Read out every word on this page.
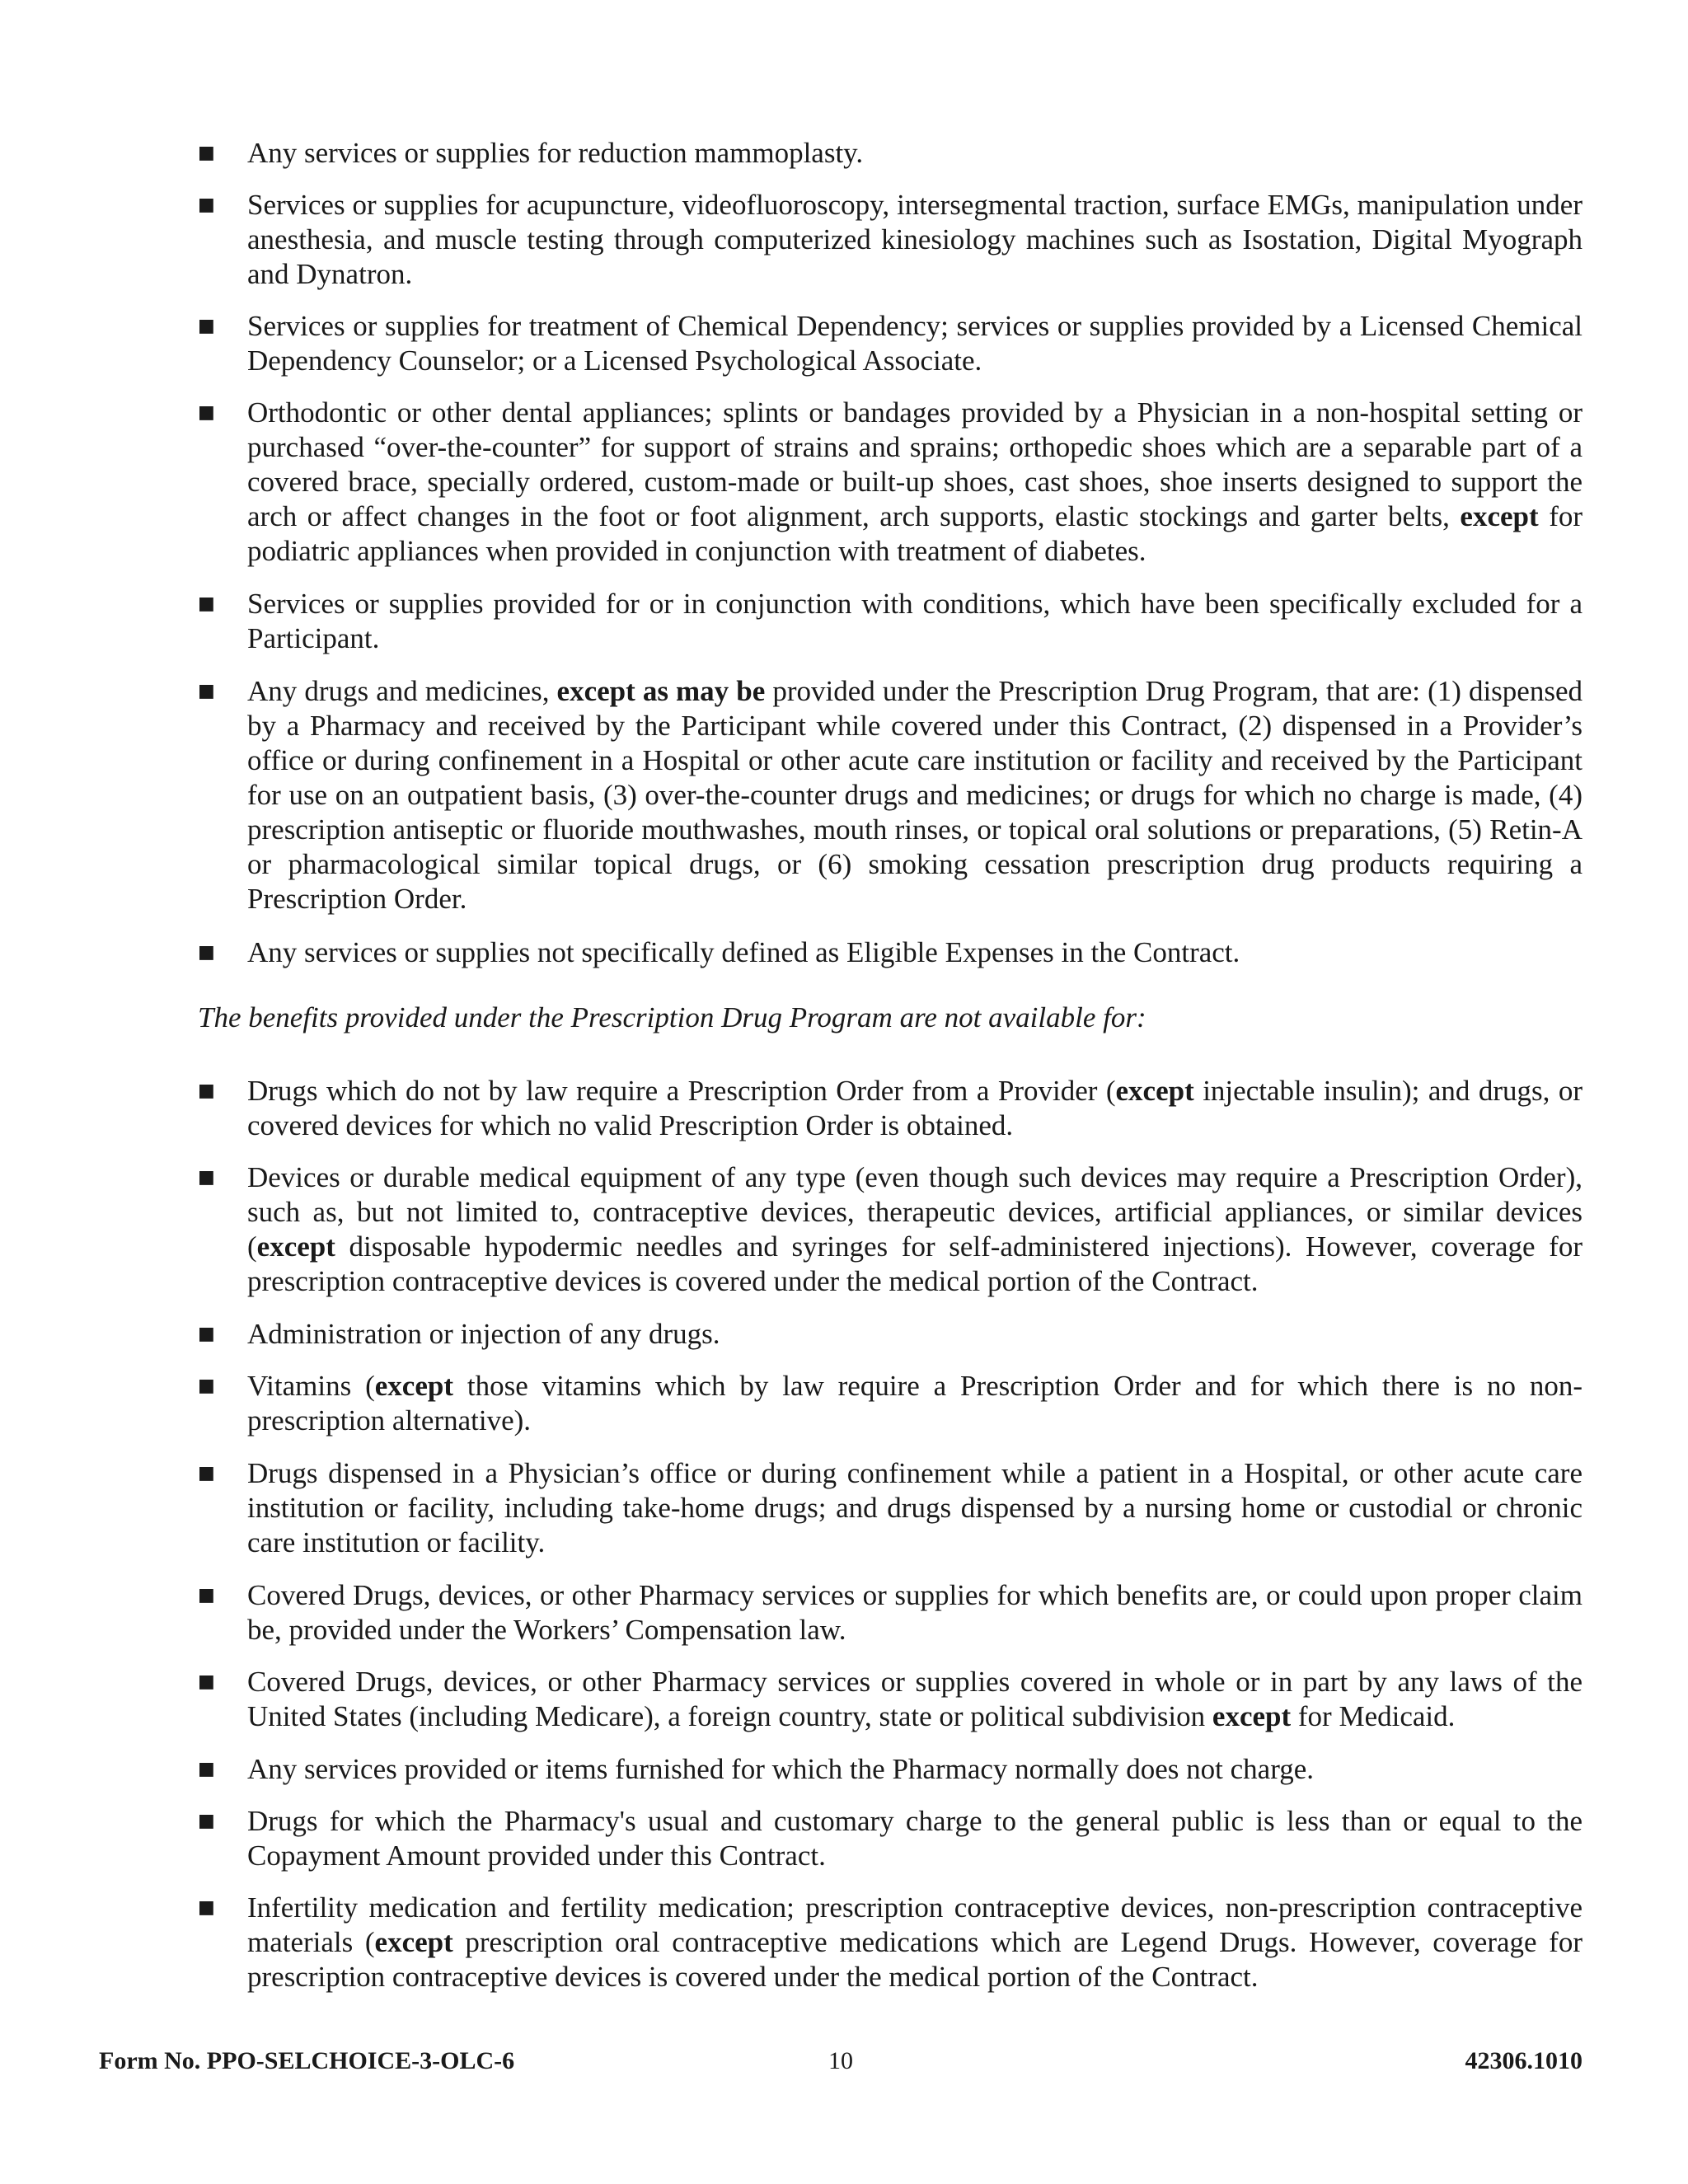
■ Any services or supplies for reduction mammoplasty.
■ Services or supplies for acupuncture, videofluoroscopy, intersegmental traction, surface EMGs, manipulation under anesthesia, and muscle testing through computerized kinesiology machines such as Isostation, Digital Myograph and Dynatron.
■ Services or supplies for treatment of Chemical Dependency; services or supplies provided by a Licensed Chemical Dependency Counselor; or a Licensed Psychological Associate.
■ Orthodontic or other dental appliances; splints or bandages provided by a Physician in a non-hospital setting or purchased “over-the-counter” for support of strains and sprains; orthopedic shoes which are a separable part of a covered brace, specially ordered, custom-made or built-up shoes, cast shoes, shoe inserts designed to support the arch or affect changes in the foot or foot alignment, arch supports, elastic stockings and garter belts, except for podiatric appliances when provided in conjunction with treatment of diabetes.
■ Services or supplies provided for or in conjunction with conditions, which have been specifically excluded for a Participant.
■ Any drugs and medicines, except as may be provided under the Prescription Drug Program, that are: (1) dispensed by a Pharmacy and received by the Participant while covered under this Contract, (2) dispensed in a Provider’s office or during confinement in a Hospital or other acute care institution or facility and received by the Participant for use on an outpatient basis, (3) over-the-counter drugs and medicines; or drugs for which no charge is made, (4) prescription antiseptic or fluoride mouthwashes, mouth rinses, or topical oral solutions or preparations, (5) Retin-A or pharmacological similar topical drugs, or (6) smoking cessation prescription drug products requiring a Prescription Order.
■ Any services or supplies not specifically defined as Eligible Expenses in the Contract.
The benefits provided under the Prescription Drug Program are not available for:
■ Drugs which do not by law require a Prescription Order from a Provider (except injectable insulin); and drugs, or covered devices for which no valid Prescription Order is obtained.
■ Devices or durable medical equipment of any type (even though such devices may require a Prescription Order), such as, but not limited to, contraceptive devices, therapeutic devices, artificial appliances, or similar devices (except disposable hypodermic needles and syringes for self-administered injections). However, coverage for prescription contraceptive devices is covered under the medical portion of the Contract.
■ Administration or injection of any drugs.
■ Vitamins (except those vitamins which by law require a Prescription Order and for which there is no non-prescription alternative).
■ Drugs dispensed in a Physician’s office or during confinement while a patient in a Hospital, or other acute care institution or facility, including take-home drugs; and drugs dispensed by a nursing home or custodial or chronic care institution or facility.
■ Covered Drugs, devices, or other Pharmacy services or supplies for which benefits are, or could upon proper claim be, provided under the Workers’ Compensation law.
■ Covered Drugs, devices, or other Pharmacy services or supplies covered in whole or in part by any laws of the United States (including Medicare), a foreign country, state or political subdivision except for Medicaid.
■ Any services provided or items furnished for which the Pharmacy normally does not charge.
■ Drugs for which the Pharmacy's usual and customary charge to the general public is less than or equal to the Copayment Amount provided under this Contract.
■ Infertility medication and fertility medication; prescription contraceptive devices, non-prescription contraceptive materials (except prescription oral contraceptive medications which are Legend Drugs. However, coverage for prescription contraceptive devices is covered under the medical portion of the Contract.
10
Form No. PPO-SELCHOICE-3-OLC-6	42306.1010
